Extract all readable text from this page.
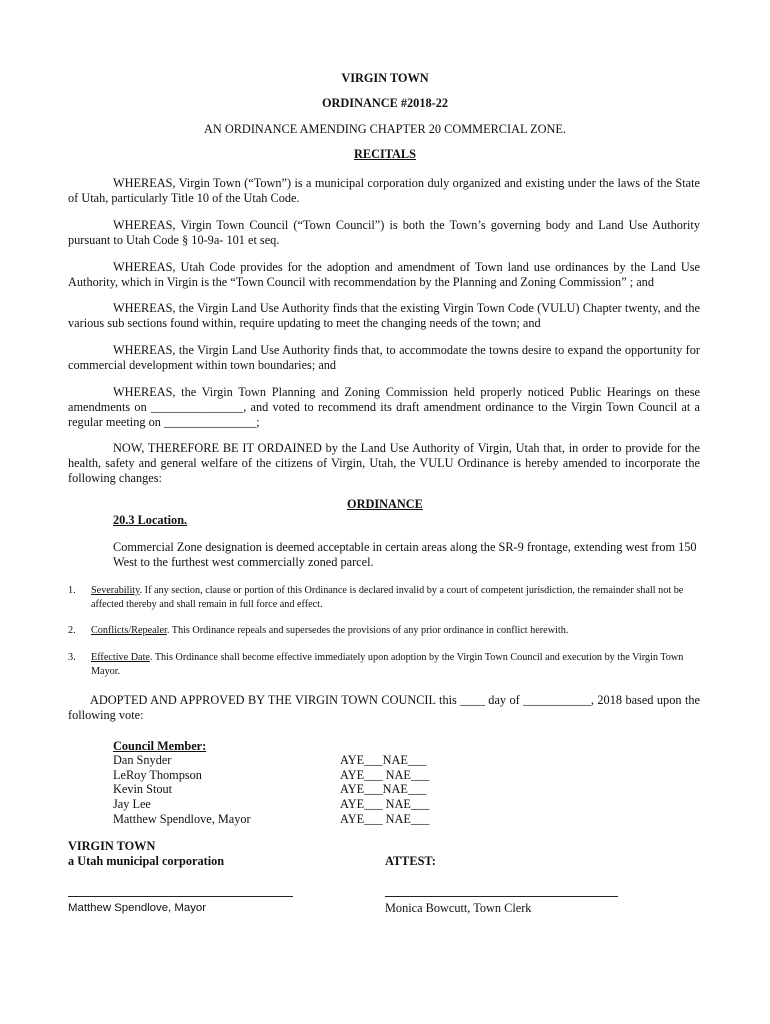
VIRGIN TOWN
ORDINANCE #2018-22
AN ORDINANCE AMENDING CHAPTER 20 COMMERCIAL ZONE.
RECITALS

WHEREAS, Virgin Town (“Town”) is a municipal corporation duly organized and existing under the laws of the State of Utah, particularly Title 10 of the Utah Code.

WHEREAS, Virgin Town Council (“Town Council”) is both the Town’s governing body and Land Use Authority pursuant to Utah Code § 10-9a- 101 et seq.

WHEREAS, Utah Code provides for the adoption and amendment of Town land use ordinances by the Land Use Authority, which in Virgin is the “Town Council with recommendation by the Planning and Zoning Commission” ; and

WHEREAS, the Virgin Land Use Authority finds that the existing Virgin Town Code (VULU) Chapter twenty, and the various sub sections found within, require updating to meet the changing needs of the town; and

WHEREAS, the Virgin Land Use Authority finds that, to accommodate the towns desire to expand the opportunity for commercial development within town boundaries; and

WHEREAS, the Virgin Town Planning and Zoning Commission held properly noticed Public Hearings on these amendments on _______________, and voted to recommend its draft amendment ordinance to the Virgin Town Council at a regular meeting on _______________;

NOW, THEREFORE BE IT ORDAINED by the Land Use Authority of Virgin, Utah that, in order to provide for the health, safety and general welfare of the citizens of Virgin, Utah, the VULU Ordinance is hereby amended to incorporate the following changes:

ORDINANCE
20.3 Location.

Commercial Zone designation is deemed acceptable in certain areas along the SR-9 frontage, extending west from 150 West to the furthest west commercially zoned parcel.

1.	Severability. If any section, clause or portion of this Ordinance is declared invalid by a court of competent jurisdiction, the remainder shall not be affected thereby and shall remain in full force and effect.

2.	Conflicts/Repealer. This Ordinance repeals and supersedes the provisions of any prior ordinance in conflict herewith.

3.	Effective Date. This Ordinance shall become effective immediately upon adoption by the Virgin Town Council and execution by the Virgin Town Mayor.

ADOPTED AND APPROVED BY THE VIRGIN TOWN COUNCIL this ____ day of ___________, 2018 based upon the following vote:

Council Member:
Dan Snyder	AYE___NAE___
LeRoy Thompson	AYE___ NAE___
Kevin Stout	AYE___NAE___
Jay Lee	AYE___ NAE___
Matthew Spendlove, Mayor	AYE___ NAE___
VIRGIN TOWN
a Utah municipal corporation	ATTEST:
Matthew Spendlove, Mayor	Monica Bowcutt, Town Clerk
